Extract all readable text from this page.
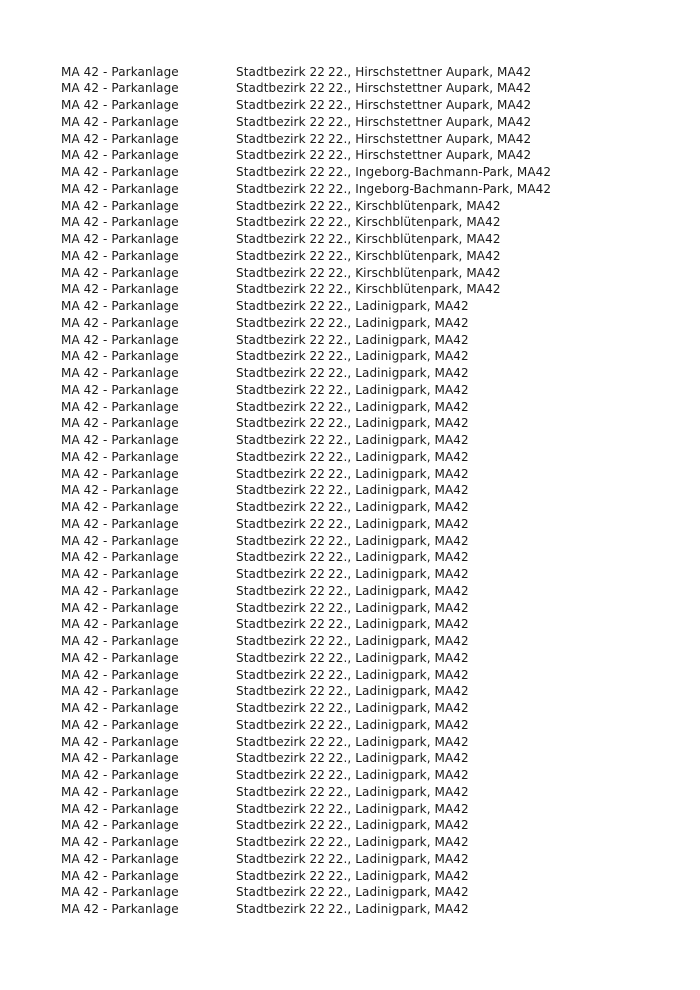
MA 42 - Parkanlage	Stadtbezirk 22 22., Hirschstettner Aupark, MA42
MA 42 - Parkanlage	Stadtbezirk 22 22., Hirschstettner Aupark, MA42
MA 42 - Parkanlage	Stadtbezirk 22 22., Hirschstettner Aupark, MA42
MA 42 - Parkanlage	Stadtbezirk 22 22., Hirschstettner Aupark, MA42
MA 42 - Parkanlage	Stadtbezirk 22 22., Hirschstettner Aupark, MA42
MA 42 - Parkanlage	Stadtbezirk 22 22., Hirschstettner Aupark, MA42
MA 42 - Parkanlage	Stadtbezirk 22 22., Ingeborg-Bachmann-Park, MA42
MA 42 - Parkanlage	Stadtbezirk 22 22., Ingeborg-Bachmann-Park, MA42
MA 42 - Parkanlage	Stadtbezirk 22 22., Kirschblütenpark, MA42
MA 42 - Parkanlage	Stadtbezirk 22 22., Kirschblütenpark, MA42
MA 42 - Parkanlage	Stadtbezirk 22 22., Kirschblütenpark, MA42
MA 42 - Parkanlage	Stadtbezirk 22 22., Kirschblütenpark, MA42
MA 42 - Parkanlage	Stadtbezirk 22 22., Kirschblütenpark, MA42
MA 42 - Parkanlage	Stadtbezirk 22 22., Kirschblütenpark, MA42
MA 42 - Parkanlage	Stadtbezirk 22 22., Ladinigpark, MA42
MA 42 - Parkanlage	Stadtbezirk 22 22., Ladinigpark, MA42
MA 42 - Parkanlage	Stadtbezirk 22 22., Ladinigpark, MA42
MA 42 - Parkanlage	Stadtbezirk 22 22., Ladinigpark, MA42
MA 42 - Parkanlage	Stadtbezirk 22 22., Ladinigpark, MA42
MA 42 - Parkanlage	Stadtbezirk 22 22., Ladinigpark, MA42
MA 42 - Parkanlage	Stadtbezirk 22 22., Ladinigpark, MA42
MA 42 - Parkanlage	Stadtbezirk 22 22., Ladinigpark, MA42
MA 42 - Parkanlage	Stadtbezirk 22 22., Ladinigpark, MA42
MA 42 - Parkanlage	Stadtbezirk 22 22., Ladinigpark, MA42
MA 42 - Parkanlage	Stadtbezirk 22 22., Ladinigpark, MA42
MA 42 - Parkanlage	Stadtbezirk 22 22., Ladinigpark, MA42
MA 42 - Parkanlage	Stadtbezirk 22 22., Ladinigpark, MA42
MA 42 - Parkanlage	Stadtbezirk 22 22., Ladinigpark, MA42
MA 42 - Parkanlage	Stadtbezirk 22 22., Ladinigpark, MA42
MA 42 - Parkanlage	Stadtbezirk 22 22., Ladinigpark, MA42
MA 42 - Parkanlage	Stadtbezirk 22 22., Ladinigpark, MA42
MA 42 - Parkanlage	Stadtbezirk 22 22., Ladinigpark, MA42
MA 42 - Parkanlage	Stadtbezirk 22 22., Ladinigpark, MA42
MA 42 - Parkanlage	Stadtbezirk 22 22., Ladinigpark, MA42
MA 42 - Parkanlage	Stadtbezirk 22 22., Ladinigpark, MA42
MA 42 - Parkanlage	Stadtbezirk 22 22., Ladinigpark, MA42
MA 42 - Parkanlage	Stadtbezirk 22 22., Ladinigpark, MA42
MA 42 - Parkanlage	Stadtbezirk 22 22., Ladinigpark, MA42
MA 42 - Parkanlage	Stadtbezirk 22 22., Ladinigpark, MA42
MA 42 - Parkanlage	Stadtbezirk 22 22., Ladinigpark, MA42
MA 42 - Parkanlage	Stadtbezirk 22 22., Ladinigpark, MA42
MA 42 - Parkanlage	Stadtbezirk 22 22., Ladinigpark, MA42
MA 42 - Parkanlage	Stadtbezirk 22 22., Ladinigpark, MA42
MA 42 - Parkanlage	Stadtbezirk 22 22., Ladinigpark, MA42
MA 42 - Parkanlage	Stadtbezirk 22 22., Ladinigpark, MA42
MA 42 - Parkanlage	Stadtbezirk 22 22., Ladinigpark, MA42
MA 42 - Parkanlage	Stadtbezirk 22 22., Ladinigpark, MA42
MA 42 - Parkanlage	Stadtbezirk 22 22., Ladinigpark, MA42
MA 42 - Parkanlage	Stadtbezirk 22 22., Ladinigpark, MA42
MA 42 - Parkanlage	Stadtbezirk 22 22., Ladinigpark, MA42
MA 42 - Parkanlage	Stadtbezirk 22 22., Ladinigpark, MA42
